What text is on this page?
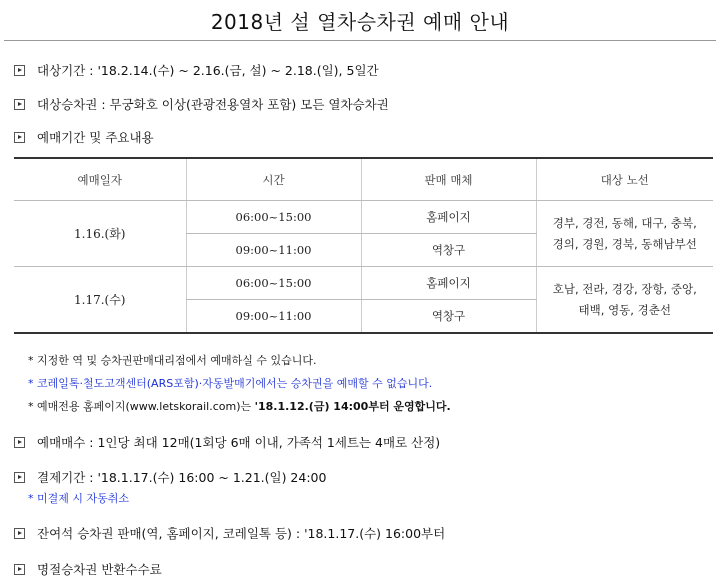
2018년 설 열차승차권 예매 안내
대상기간 : '18.2.14.(수) ~ 2.16.(금, 설) ~ 2.18.(일), 5일간
대상승차권 : 무궁화호 이상(관광전용열차 포함) 모든 열차승차권
예매기간 및 주요내용
예매일자	시간	판매 매체	대상 노선
1.16.(화)	06:00~15:00	홈페이지	경부, 경전, 동해, 대구, 충북,
경의, 경원, 경북, 동해남부선

	09:00~11:00	역창구	
1.17.(수)	06:00~15:00	홈페이지	호남, 전라, 경강, 장항, 중앙,
태백, 영동, 경춘선

	09:00~11:00	역창구	
* 지정한 역 및 승차권판매대리점에서 예매하실 수 있습니다.
* 코레일톡·철도고객센터(ARS포함)·자동발매기에서는 승차권을 예매할 수 없습니다.
* 예매전용 홈페이지(www.letskorail.com)는 '18.1.12.(금) 14:00부터 운영합니다.
예매매수 : 1인당 최대 12매(1회당 6매 이내, 가족석 1세트는 4매로 산정)
결제기간 : '18.1.17.(수) 16:00 ~ 1.21.(일) 24:00
* 미결제 시 자동취소
잔여석 승차권 판매(역, 홈페이지, 코레일톡 등) : '18.1.17.(수) 16:00부터
명절승차권 반환수수료
